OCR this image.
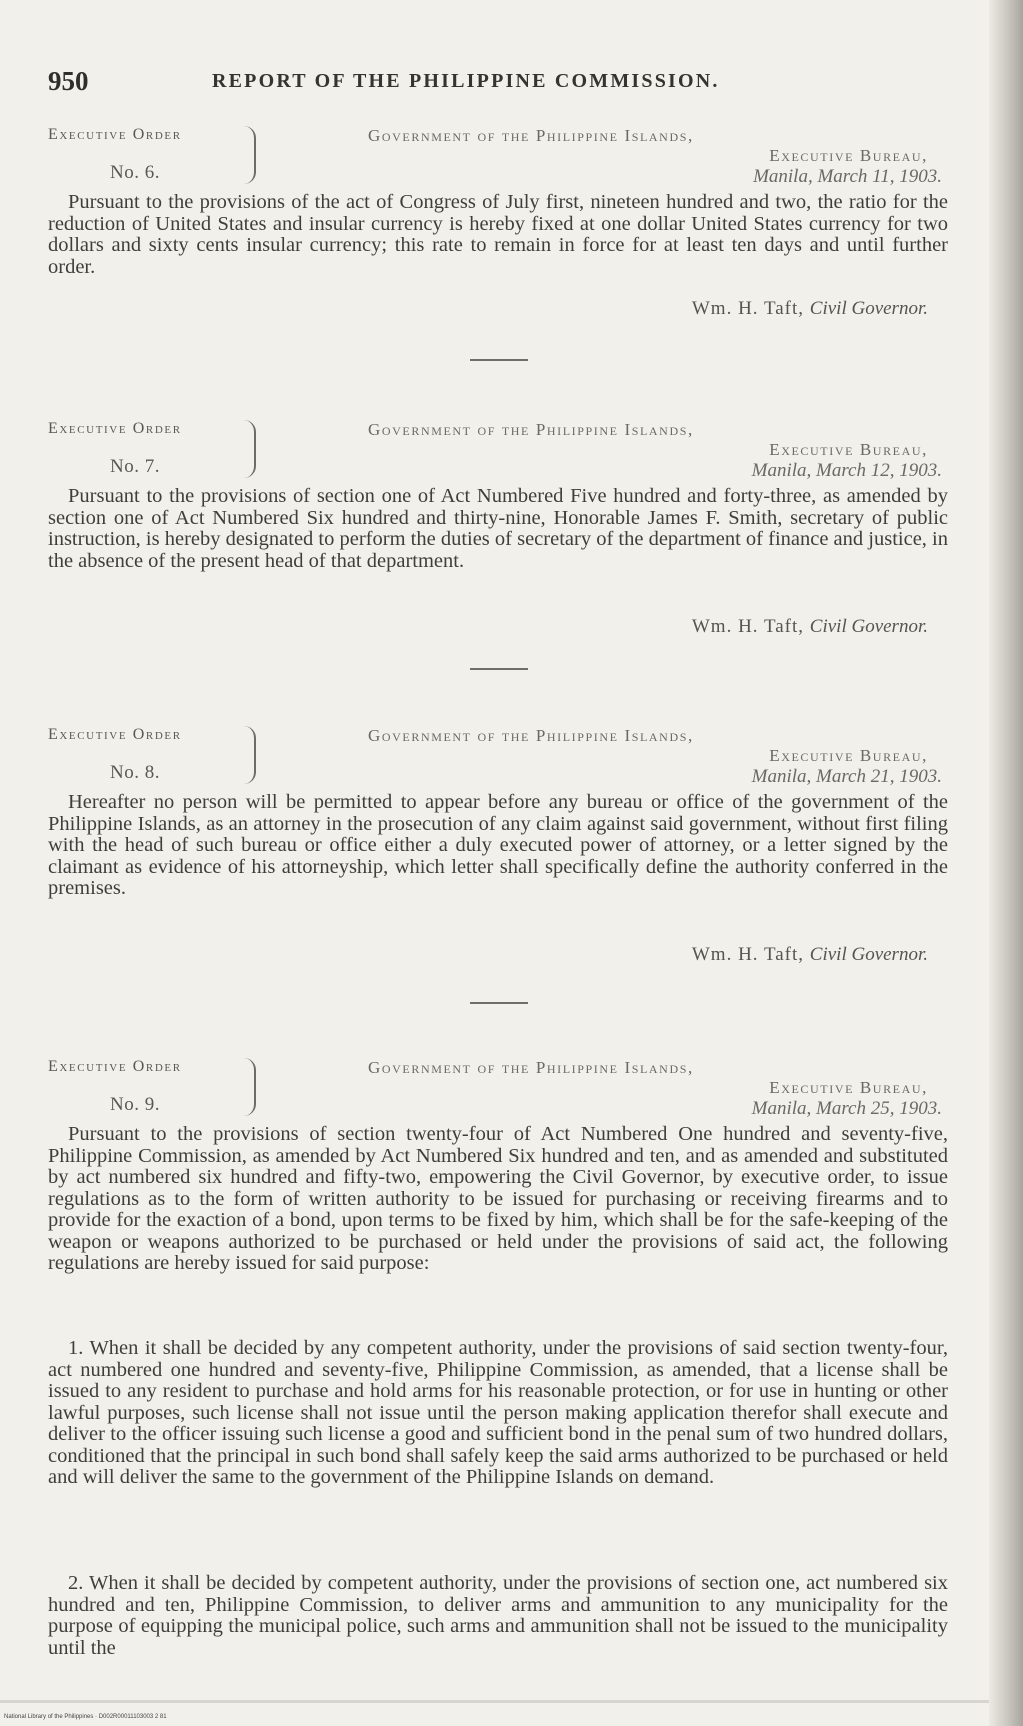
950	REPORT OF THE PHILIPPINE COMMISSION.
Executive Order
No. 6.
Government of the Philippine Islands,
Executive Bureau,
Manila, March 11, 1903.
Pursuant to the provisions of the act of Congress of July first, nineteen hundred and two, the ratio for the reduction of United States and insular currency is hereby fixed at one dollar United States currency for two dollars and sixty cents insular currency; this rate to remain in force for at least ten days and until further order.
Wm. H. Taft, Civil Governor.
Executive Order
No. 7.
Government of the Philippine Islands,
Executive Bureau,
Manila, March 12, 1903.
Pursuant to the provisions of section one of Act Numbered Five hundred and forty-three, as amended by section one of Act Numbered Six hundred and thirty-nine, Honorable James F. Smith, secretary of public instruction, is hereby designated to perform the duties of secretary of the department of finance and justice, in the absence of the present head of that department.
Wm. H. Taft, Civil Governor.
Executive Order
No. 8.
Government of the Philippine Islands,
Executive Bureau,
Manila, March 21, 1903.
Hereafter no person will be permitted to appear before any bureau or office of the government of the Philippine Islands, as an attorney in the prosecution of any claim against said government, without first filing with the head of such bureau or office either a duly executed power of attorney, or a letter signed by the claimant as evidence of his attorneyship, which letter shall specifically define the authority conferred in the premises.
Wm. H. Taft, Civil Governor.
Executive Order
No. 9.
Government of the Philippine Islands,
Executive Bureau,
Manila, March 25, 1903.
Pursuant to the provisions of section twenty-four of Act Numbered One hundred and seventy-five, Philippine Commission, as amended by Act Numbered Six hundred and ten, and as amended and substituted by act numbered six hundred and fifty-two, empowering the Civil Governor, by executive order, to issue regulations as to the form of written authority to be issued for purchasing or receiving firearms and to provide for the exaction of a bond, upon terms to be fixed by him, which shall be for the safe-keeping of the weapon or weapons authorized to be purchased or held under the provisions of said act, the following regulations are hereby issued for said purpose:
1. When it shall be decided by any competent authority, under the provisions of said section twenty-four, act numbered one hundred and seventy-five, Philippine Commission, as amended, that a license shall be issued to any resident to purchase and hold arms for his reasonable protection, or for use in hunting or other lawful purposes, such license shall not issue until the person making application therefor shall execute and deliver to the officer issuing such license a good and sufficient bond in the penal sum of two hundred dollars, conditioned that the principal in such bond shall safely keep the said arms authorized to be purchased or held and will deliver the same to the government of the Philippine Islands on demand.
2. When it shall be decided by competent authority, under the provisions of section one, act numbered six hundred and ten, Philippine Commission, to deliver arms and ammunition to any municipality for the purpose of equipping the municipal police, such arms and ammunition shall not be issued to the municipality until the
National Library of the Philippines · D002R00011103003 2 81
